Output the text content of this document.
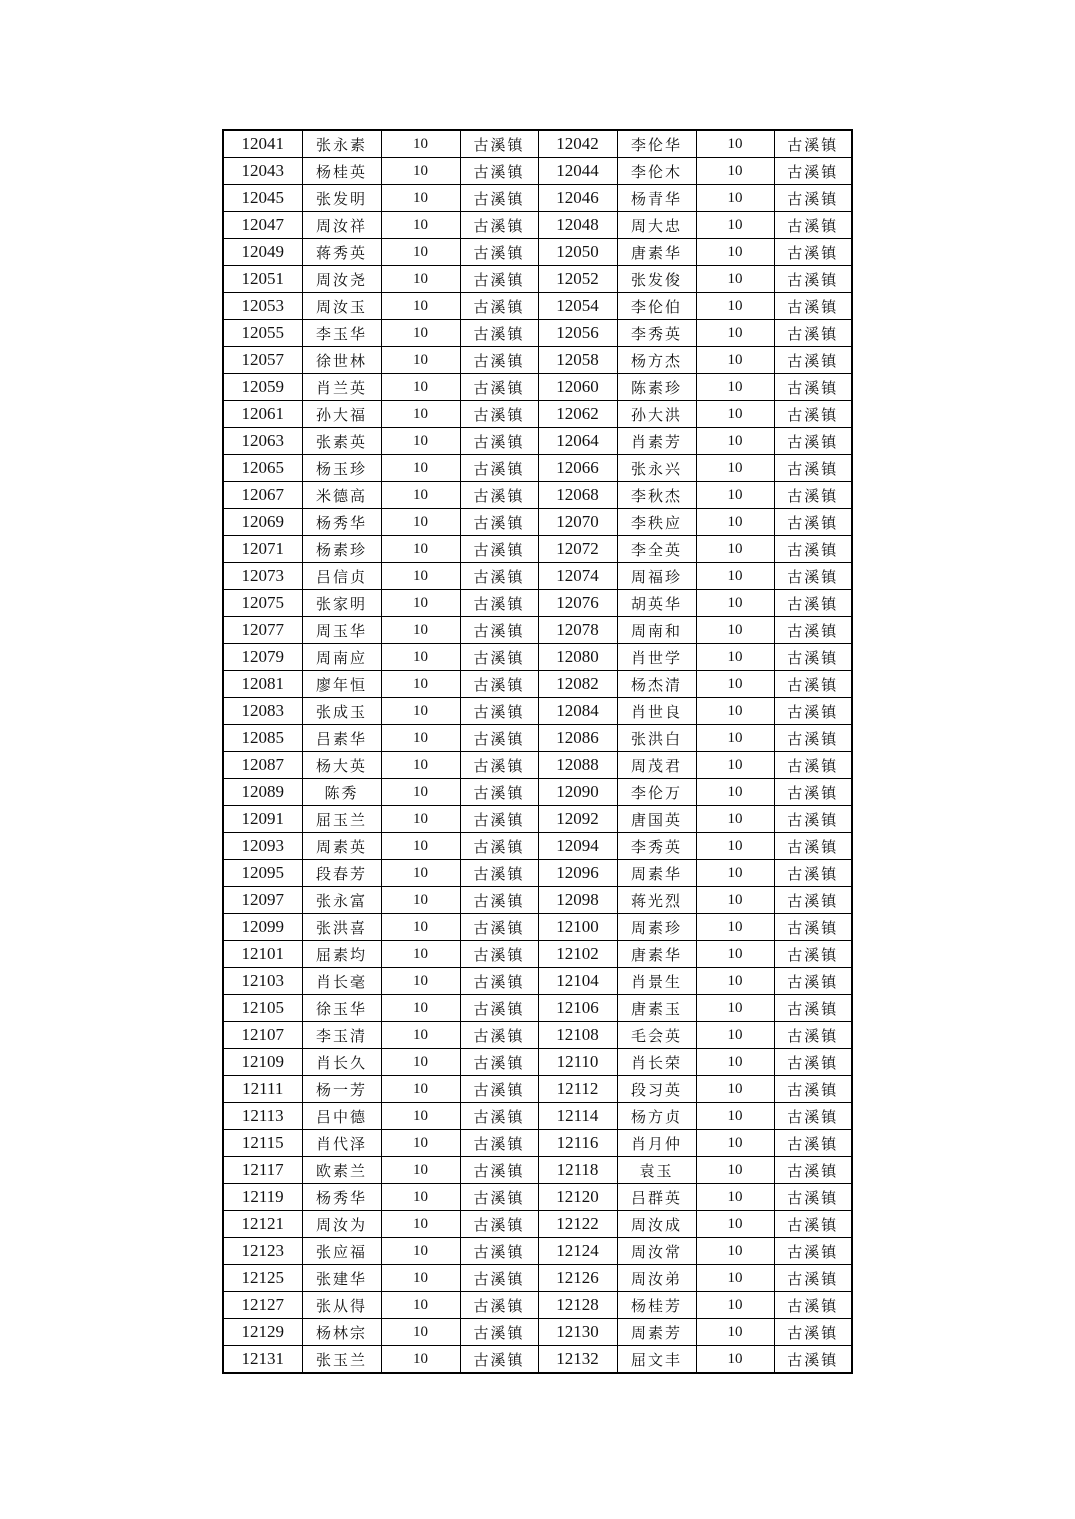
12041	张永素	10	古溪镇	12042	李伦华	10	古溪镇
12043	杨桂英	10	古溪镇	12044	李伦木	10	古溪镇
12045	张发明	10	古溪镇	12046	杨青华	10	古溪镇
12047	周汝祥	10	古溪镇	12048	周大忠	10	古溪镇
12049	蒋秀英	10	古溪镇	12050	唐素华	10	古溪镇
12051	周汝尧	10	古溪镇	12052	张发俊	10	古溪镇
12053	周汝玉	10	古溪镇	12054	李伦伯	10	古溪镇
12055	李玉华	10	古溪镇	12056	李秀英	10	古溪镇
12057	徐世林	10	古溪镇	12058	杨方杰	10	古溪镇
12059	肖兰英	10	古溪镇	12060	陈素珍	10	古溪镇
12061	孙大福	10	古溪镇	12062	孙大洪	10	古溪镇
12063	张素英	10	古溪镇	12064	肖素芳	10	古溪镇
12065	杨玉珍	10	古溪镇	12066	张永兴	10	古溪镇
12067	米德高	10	古溪镇	12068	李秋杰	10	古溪镇
12069	杨秀华	10	古溪镇	12070	李秩应	10	古溪镇
12071	杨素珍	10	古溪镇	12072	李全英	10	古溪镇
12073	吕信贞	10	古溪镇	12074	周福珍	10	古溪镇
12075	张家明	10	古溪镇	12076	胡英华	10	古溪镇
12077	周玉华	10	古溪镇	12078	周南和	10	古溪镇
12079	周南应	10	古溪镇	12080	肖世学	10	古溪镇
12081	廖年恒	10	古溪镇	12082	杨杰清	10	古溪镇
12083	张成玉	10	古溪镇	12084	肖世良	10	古溪镇
12085	吕素华	10	古溪镇	12086	张洪白	10	古溪镇
12087	杨大英	10	古溪镇	12088	周茂君	10	古溪镇
12089	陈秀	10	古溪镇	12090	李伦万	10	古溪镇
12091	屈玉兰	10	古溪镇	12092	唐国英	10	古溪镇
12093	周素英	10	古溪镇	12094	李秀英	10	古溪镇
12095	段春芳	10	古溪镇	12096	周素华	10	古溪镇
12097	张永富	10	古溪镇	12098	蒋光烈	10	古溪镇
12099	张洪喜	10	古溪镇	12100	周素珍	10	古溪镇
12101	屈素均	10	古溪镇	12102	唐素华	10	古溪镇
12103	肖长毫	10	古溪镇	12104	肖景生	10	古溪镇
12105	徐玉华	10	古溪镇	12106	唐素玉	10	古溪镇
12107	李玉清	10	古溪镇	12108	毛会英	10	古溪镇
12109	肖长久	10	古溪镇	12110	肖长荣	10	古溪镇
12111	杨一芳	10	古溪镇	12112	段习英	10	古溪镇
12113	吕中德	10	古溪镇	12114	杨方贞	10	古溪镇
12115	肖代泽	10	古溪镇	12116	肖月仲	10	古溪镇
12117	欧素兰	10	古溪镇	12118	袁玉	10	古溪镇
12119	杨秀华	10	古溪镇	12120	吕群英	10	古溪镇
12121	周汝为	10	古溪镇	12122	周汝成	10	古溪镇
12123	张应福	10	古溪镇	12124	周汝常	10	古溪镇
12125	张建华	10	古溪镇	12126	周汝弟	10	古溪镇
12127	张从得	10	古溪镇	12128	杨桂芳	10	古溪镇
12129	杨林宗	10	古溪镇	12130	周素芳	10	古溪镇
12131	张玉兰	10	古溪镇	12132	屈文丰	10	古溪镇
